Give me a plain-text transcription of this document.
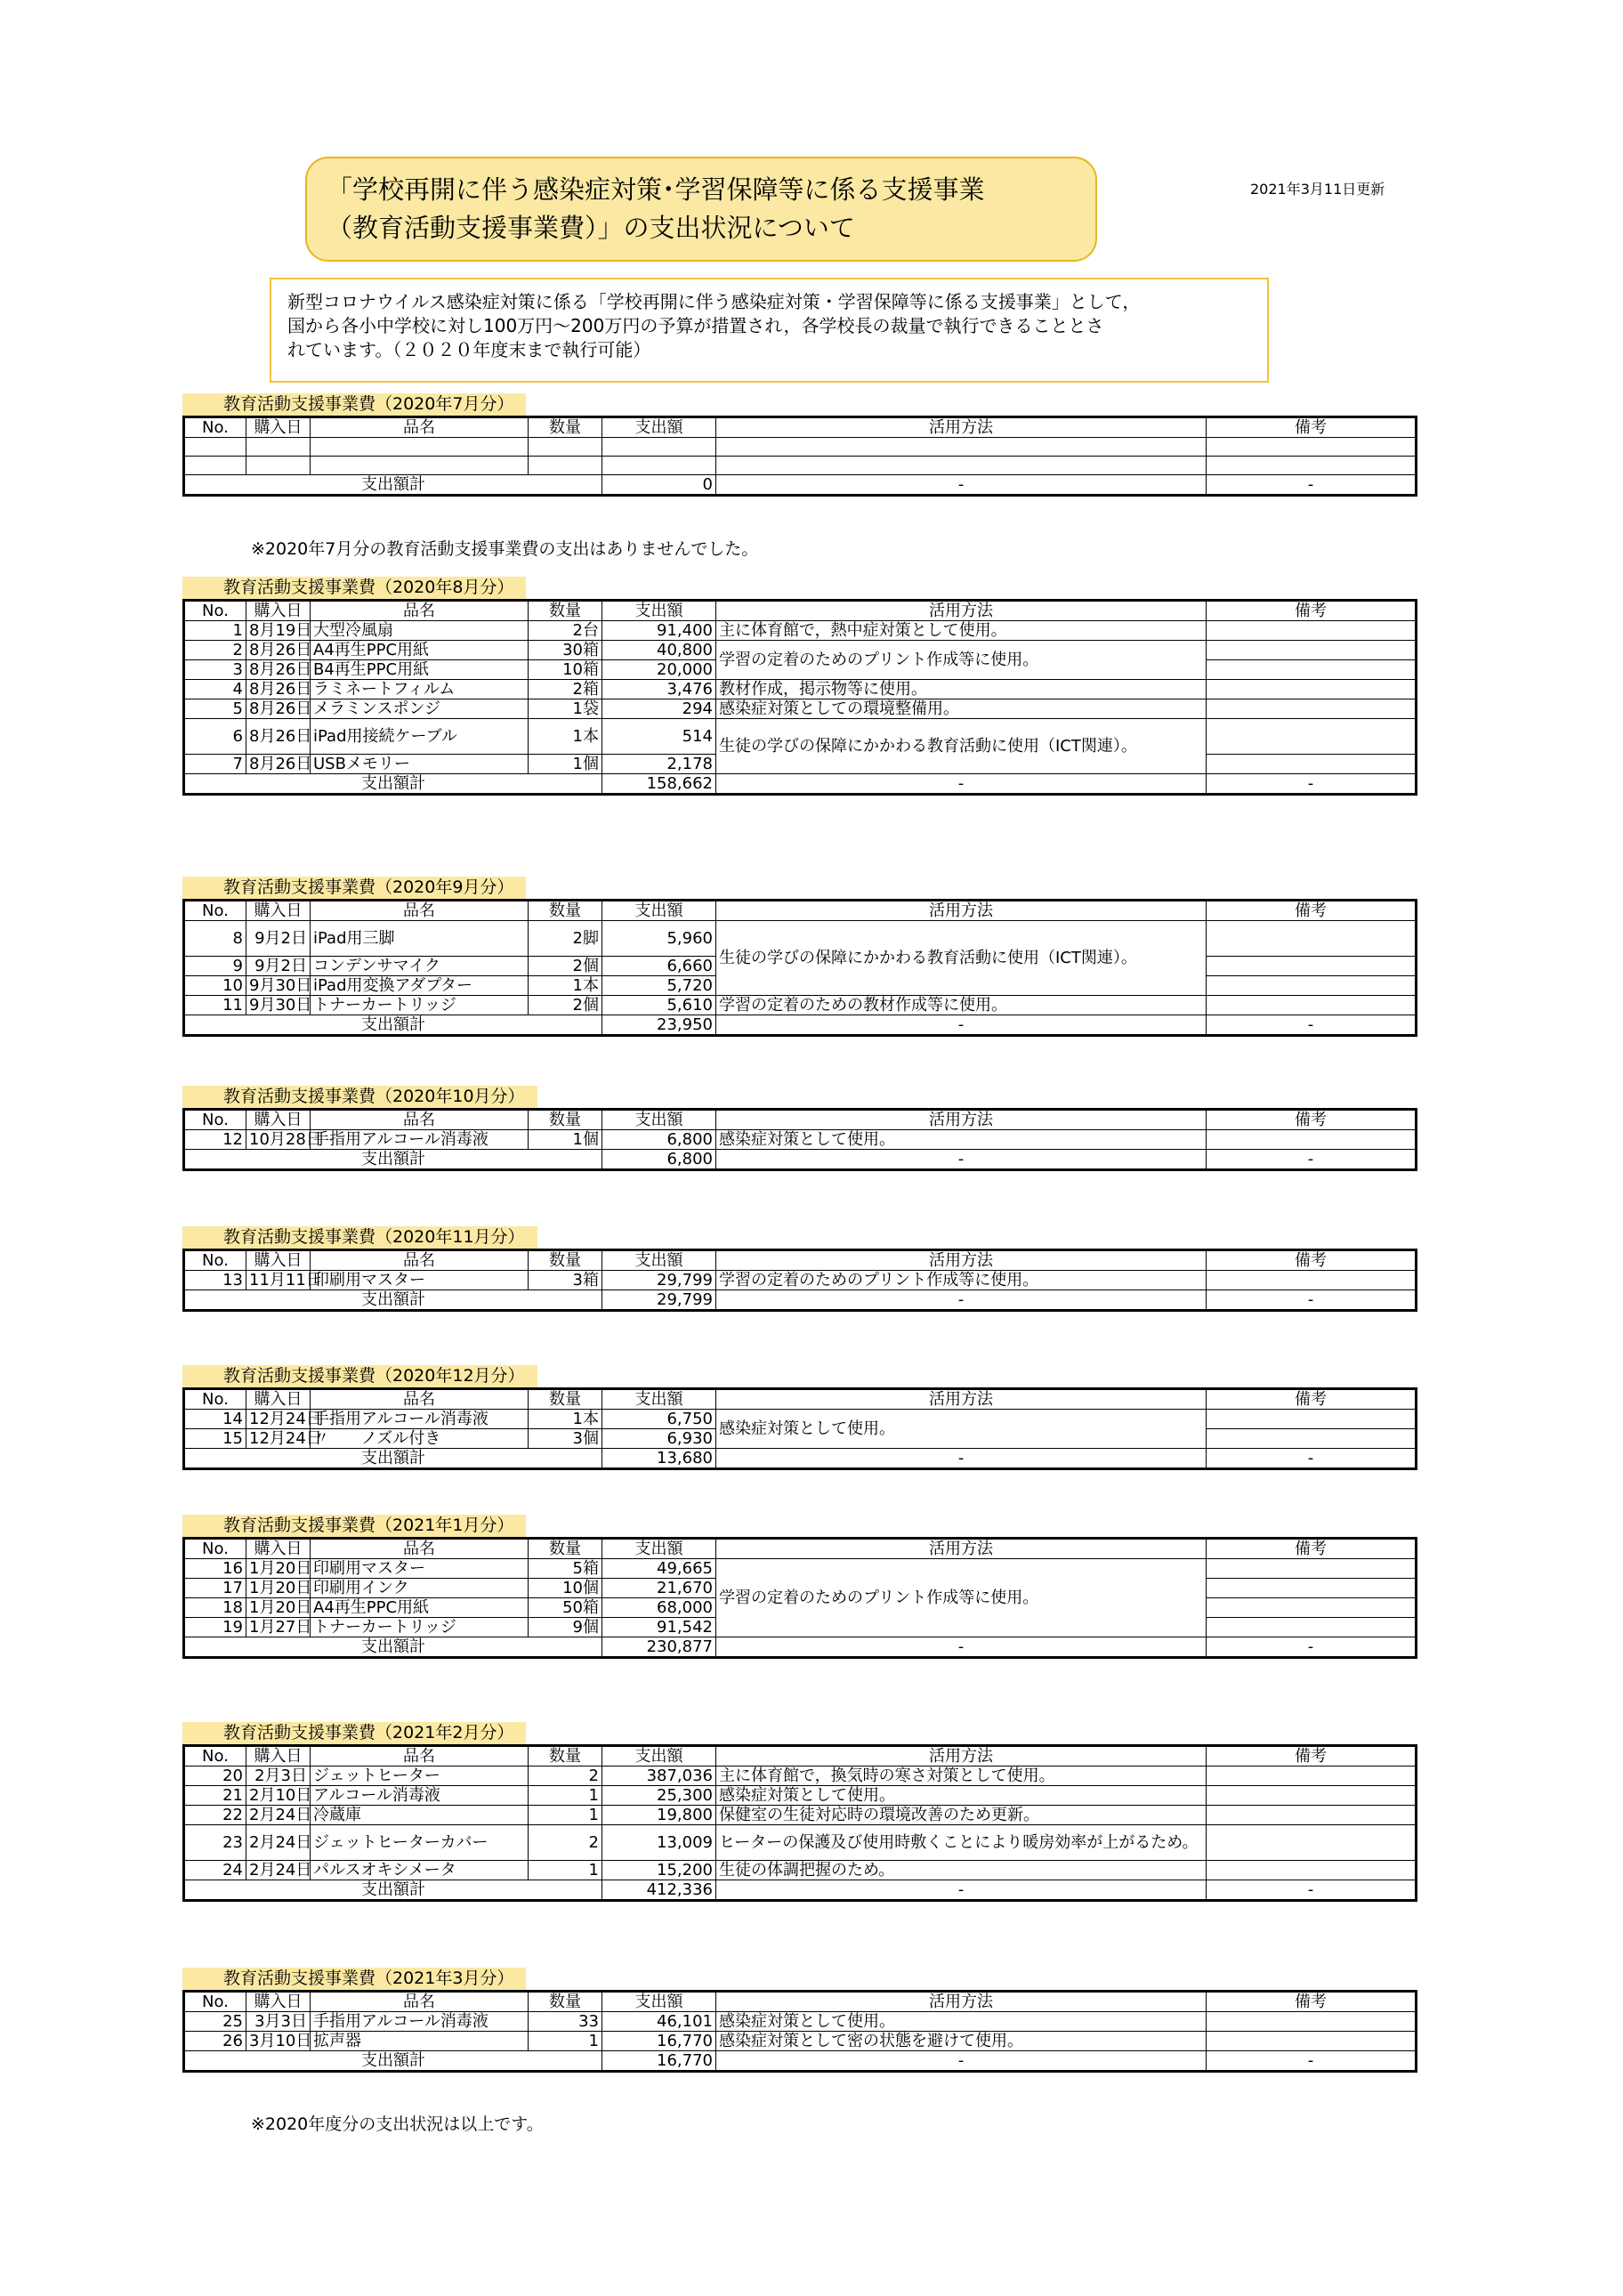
「学校再開に伴う感染症対策･学習保障等に係る支援事業
（教育活動支援事業費）」の支出状況について
2021年3月11日更新
新型コロナウイルス感染症対策に係る「学校再開に伴う感染症対策・学習保障等に係る支援事業」として，
国から各小中学校に対し100万円～200万円の予算が措置され，各学校長の裁量で執行できることとさ
れています。（２０２０年度末まで執行可能）
教育活動支援事業費（2020年7月分）
No.	購入日	品名	数量	支出額	活用方法	備考

支出額計				0	-	-
教育活動支援事業費（2020年8月分）
No.	購入日	品名	数量	支出額	活用方法	備考
1	8月19日	大型冷風扇	2台	91,400	主に体育館で，熱中症対策として使用。	
2	8月26日	A4再生PPC用紙	30箱	40,800	学習の定着のためのプリント作成等に使用。	
3	8月26日	B4再生PPC用紙	10箱	20,000		
4	8月26日	ラミネートフィルム	2箱	3,476	教材作成，掲示物等に使用。	
5	8月26日	メラミンスポンジ	1袋	294	感染症対策としての環境整備用。	
6	8月26日	iPad用接続ケーブル	1本	514	生徒の学びの保障にかかわる教育活動に使用（ICT関連）。	
7	8月26日	USBメモリー	1個	2,178		
支出額計				158,662	-	-
教育活動支援事業費（2020年9月分）
No.	購入日	品名	数量	支出額	活用方法	備考
8	9月2日	iPad用三脚	2脚	5,960	生徒の学びの保障にかかわる教育活動に使用（ICT関連）。	
9	9月2日	コンデンサマイク	2個	6,660		
10	9月30日	iPad用変換アダプター	1本	5,720		
11	9月30日	トナーカートリッジ	2個	5,610	学習の定着のための教材作成等に使用。	
支出額計				23,950	-	-
教育活動支援事業費（2020年10月分）
No.	購入日	品名	数量	支出額	活用方法	備考
12	10月28日	手指用アルコール消毒液	1個	6,800	感染症対策として使用。	
支出額計				6,800	-	-
教育活動支援事業費（2020年11月分）
No.	購入日	品名	数量	支出額	活用方法	備考
13	11月11日	印刷用マスター	3箱	29,799	学習の定着のためのプリント作成等に使用。	
支出額計				29,799	-	-
教育活動支援事業費（2020年12月分）
No.	購入日	品名	数量	支出額	活用方法	備考
14	12月24日	手指用アルコール消毒液	1本	6,750	感染症対策として使用。	
15	12月24日	〃　　ノズル付き	3個	6,930		
支出額計				13,680	-	-
教育活動支援事業費（2021年1月分）
No.	購入日	品名	数量	支出額	活用方法	備考
16	1月20日	印刷用マスター	5箱	49,665	学習の定着のためのプリント作成等に使用。	
17	1月20日	印刷用インク	10個	21,670		
18	1月20日	A4再生PPC用紙	50箱	68,000		
19	1月27日	トナーカートリッジ	9個	91,542		
支出額計				230,877	-	-
教育活動支援事業費（2021年2月分）
No.	購入日	品名	数量	支出額	活用方法	備考
20	2月3日	ジェットヒーター	2	387,036	主に体育館で，換気時の寒さ対策として使用。	
21	2月10日	アルコール消毒液	1	25,300	感染症対策として使用。	
22	2月24日	冷蔵庫	1	19,800	保健室の生徒対応時の環境改善のため更新。	
23	2月24日	ジェットヒーターカバー	2	13,009	ヒーターの保護及び使用時敷くことにより暖房効率が上がるため。	
24	2月24日	パルスオキシメータ	1	15,200	生徒の体調把握のため。	
支出額計				412,336	-	-
教育活動支援事業費（2021年3月分）
No.	購入日	品名	数量	支出額	活用方法	備考
25	3月3日	手指用アルコール消毒液	33	46,101	感染症対策として使用。	
26	3月10日	拡声器	1	16,770	感染症対策として密の状態を避けて使用。	
支出額計				16,770	-	-
※2020年7月分の教育活動支援事業費の支出はありませんでした。
※2020年度分の支出状況は以上です。
